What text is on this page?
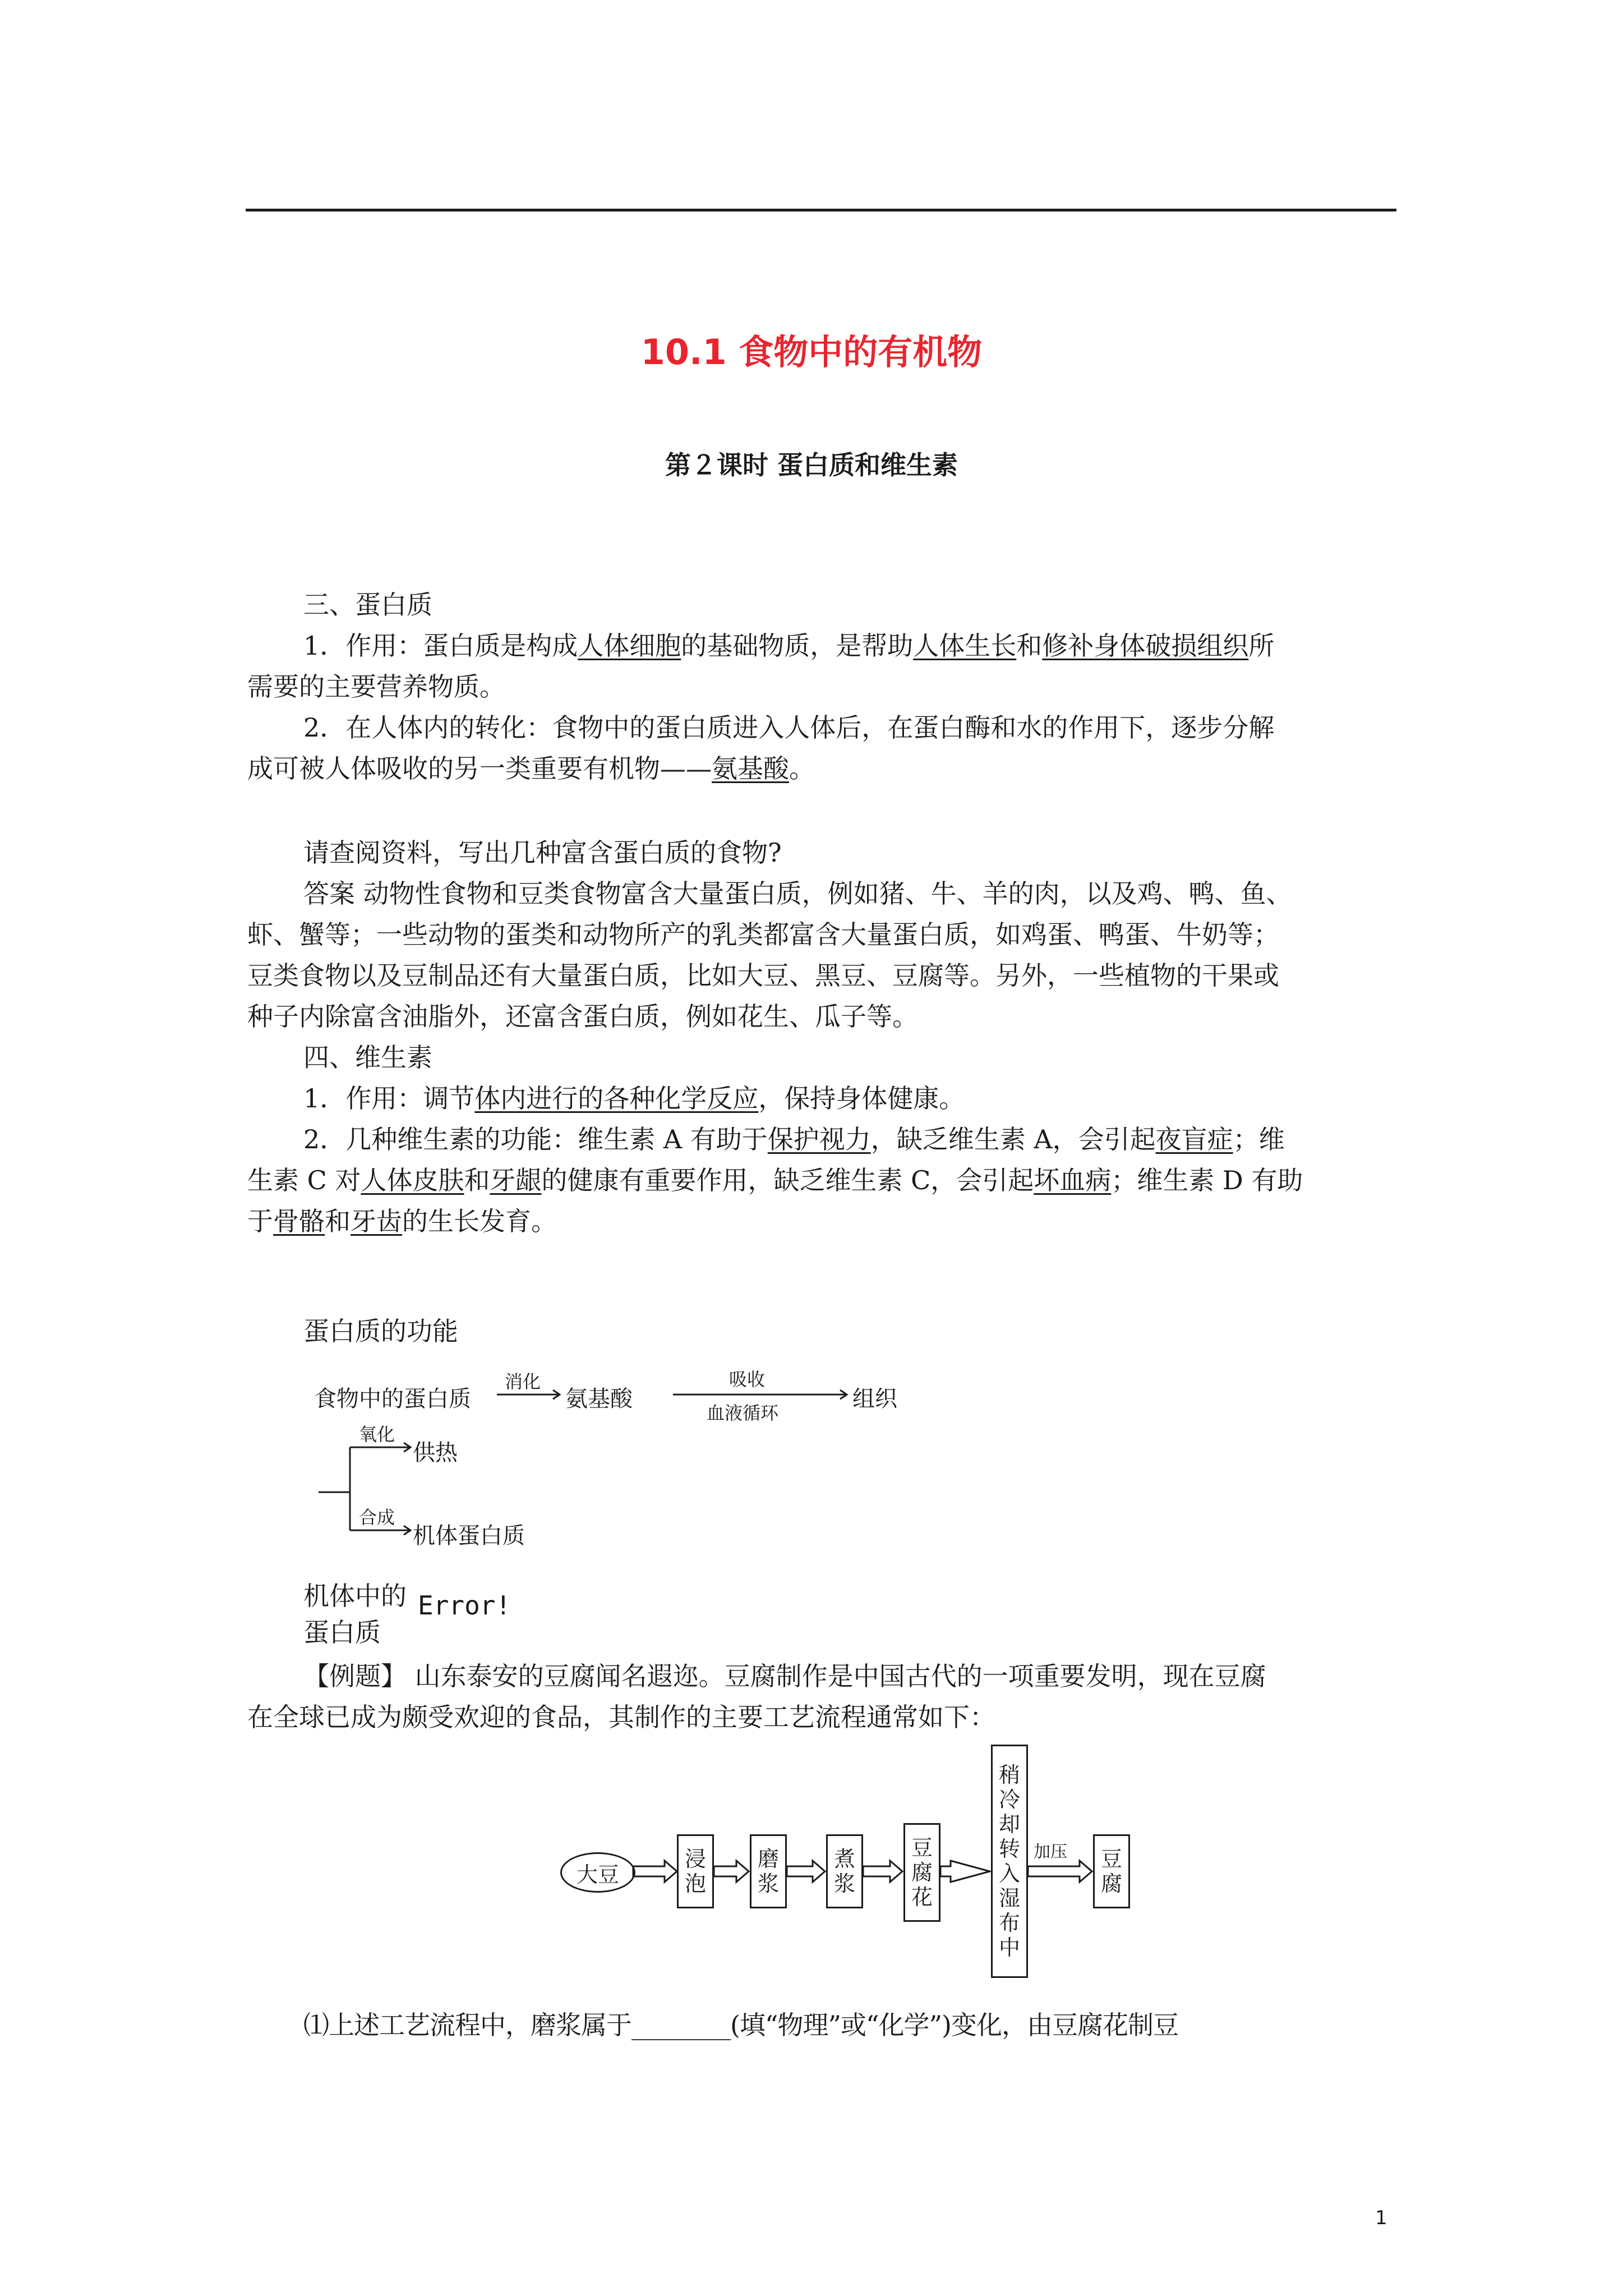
10.1 食物中的有机物
第２课时 蛋白质和维生素
三、蛋白质
1．作用：蛋白质是构成人体细胞的基础物质，是帮助人体生长和修补身体破损组织所
需要的主要营养物质。
2．在人体内的转化：食物中的蛋白质进入人体后，在蛋白酶和水的作用下，逐步分解
成可被人体吸收的另一类重要有机物——氨基酸。
请查阅资料，写出几种富含蛋白质的食物?
答案 动物性食物和豆类食物富含大量蛋白质，例如猪、牛、羊的肉，以及鸡、鸭、鱼、
虾、蟹等；一些动物的蛋类和动物所产的乳类都富含大量蛋白质，如鸡蛋、鸭蛋、牛奶等；
豆类食物以及豆制品还有大量蛋白质，比如大豆、黑豆、豆腐等。另外，一些植物的干果或
种子内除富含油脂外，还富含蛋白质，例如花生、瓜子等。
四、维生素
1．作用：调节体内进行的各种化学反应，保持身体健康。
2．几种维生素的功能：维生素 A 有助于保护视力，缺乏维生素 A，会引起夜盲症；维
生素 C 对人体皮肤和牙龈的健康有重要作用，缺乏维生素 C，会引起坏血病；维生素 D 有助
于骨骼和牙齿的生长发育。
蛋白质的功能
食物中的蛋白质
消化
氨基酸
吸收
血液循环
组织
氧化
供热
合成
机体蛋白质
机体中的
蛋白质
Error!
【例题】 山东泰安的豆腐闻名遐迩。豆腐制作是中国古代的一项重要发明，现在豆腐
在全球已成为颇受欢迎的食品，其制作的主要工艺流程通常如下：
大豆
浸
泡
磨
浆
煮
浆
豆
腐
花
稍
冷
却
转
入
湿
布
中
加压 豆
腐
⑴上述工艺流程中，磨浆属于________(填“物理”或“化学”)变化，由豆腐花制豆
1
